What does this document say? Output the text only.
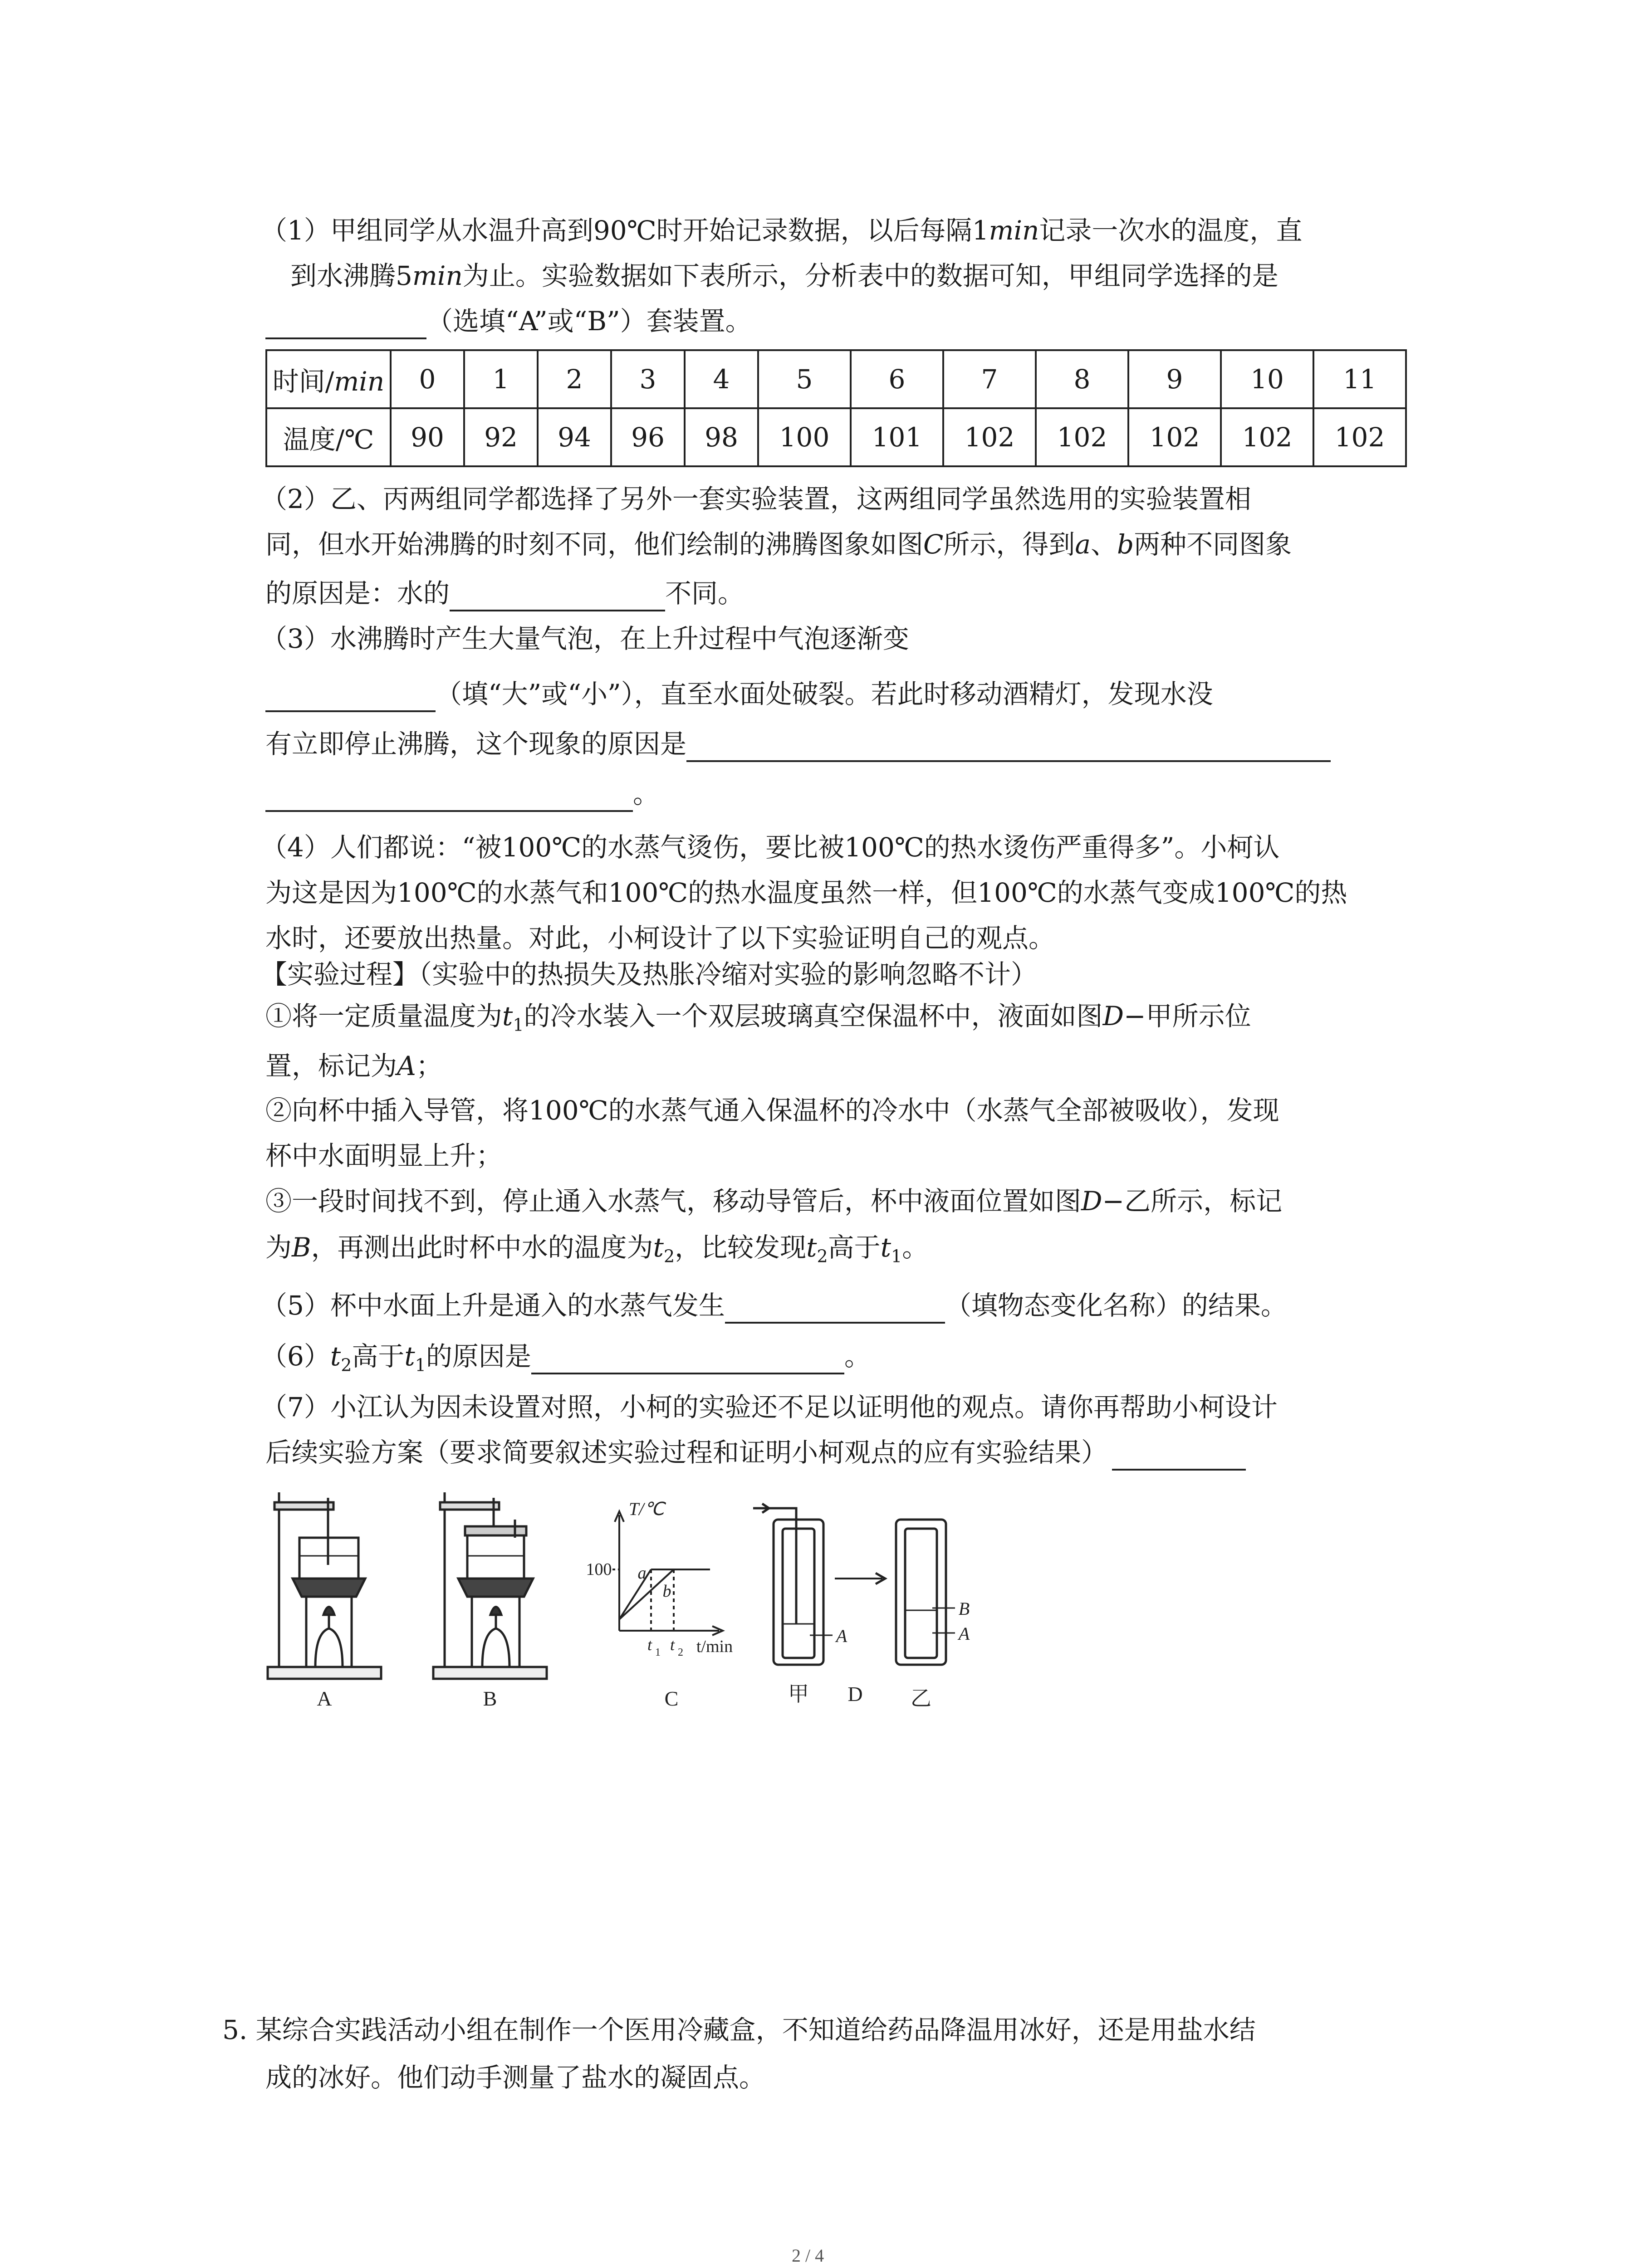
（1）甲组同学从水温升高到90℃时开始记录数据，以后每隔1min记录一次水的温度，直
到水沸腾5min为止。实验数据如下表所示，分析表中的数据可知，甲组同学选择的是
（选填“A”或“B”）套装置。
时间/min	0	1	2	3	4	5	6	7	8	9	10	11
温度/℃	90	92	94	96	98	100	101	102	102	102	102	102
（2）乙、丙两组同学都选择了另外一套实验装置，这两组同学虽然选用的实验装置相
同，但水开始沸腾的时刻不同，他们绘制的沸腾图象如图C所示，得到a、b两种不同图象
的原因是：水的	不同。
（3）水沸腾时产生大量气泡，在上升过程中气泡逐渐变
（填“大”或“小”），直至水面处破裂。若此时移动酒精灯，发现水没
有立即停止沸腾，这个现象的原因是
。
（4）人们都说：“被100℃的水蒸气烫伤，要比被100℃的热水烫伤严重得多”。小柯认
为这是因为100℃的水蒸气和100℃的热水温度虽然一样，但100℃的水蒸气变成100℃的热
水时，还要放出热量。对此，小柯设计了以下实验证明自己的观点。
【实验过程】（实验中的热损失及热胀冷缩对实验的影响忽略不计）
①将一定质量温度为$t_1$的冷水装入一个双层玻璃真空保温杯中，液面如图D−甲所示位
置，标记为A；
②向杯中插入导管，将100℃的水蒸气通入保温杯的冷水中（水蒸气全部被吸收），发现
杯中水面明显上升；
③一段时间找不到，停止通入水蒸气，移动导管后，杯中液面位置如图D−乙所示，标记
为B，再测出此时杯中水的温度为$t_2$，比较发现$t_2$高于$t_1$。
（5）杯中水面上升是通入的水蒸气发生	（填物态变化名称）的结果。
$(6)t_2$高于$t_1$的原因是	。
（7）小江认为因未设置对照，小柯的实验还不足以证明他的观点。请你再帮助小柯设计
后续实验方案（要求简要叙述实验过程和证明小柯观点的应有实验结果）
A	B	C	甲 D 乙
T/℃
t/min
100 a
b
t 1 t 2
A
B
A
5. 某综合实践活动小组在制作一个医用冷藏盒，不知道给药品降温用冰好，还是用盐水结
成的冰好。他们动手测量了盐水的凝固点。
2 / 4
